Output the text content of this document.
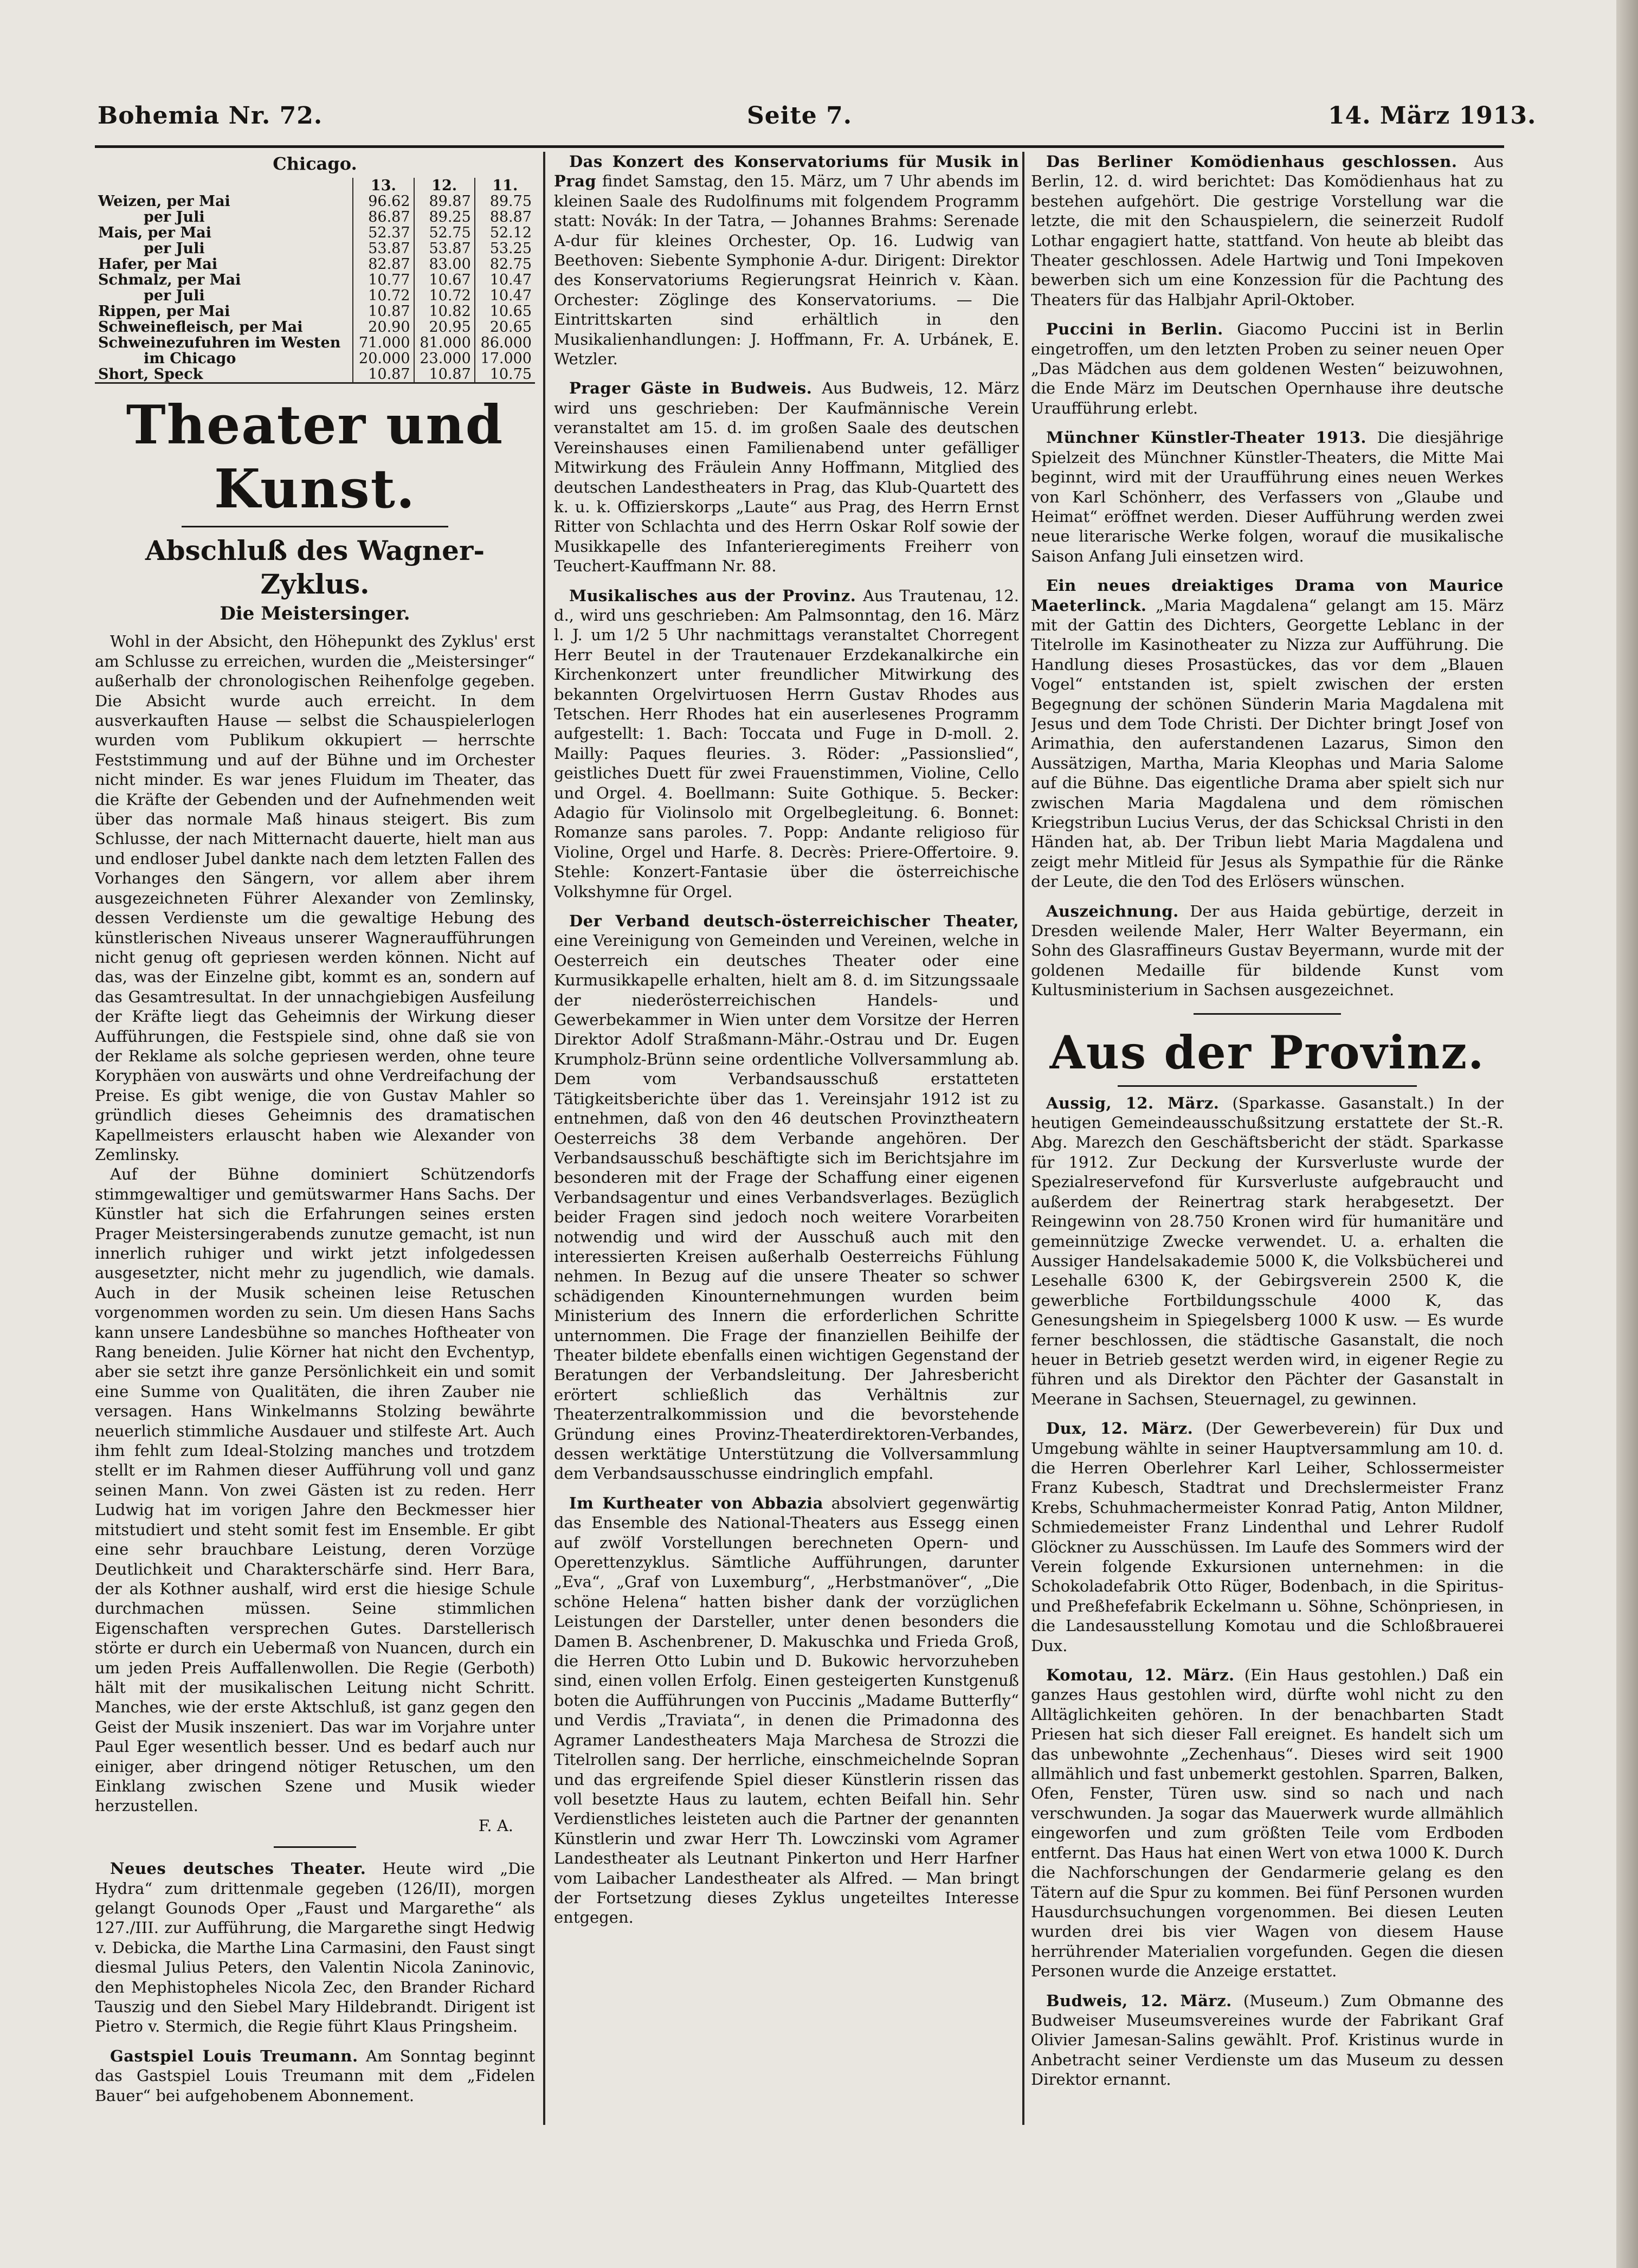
Bohemia Nr. 72.	Seite 7.	14. März 1913.
Chicago.
	13.	12.	11.
Weizen, per Mai	96.62	89.87	89.75
per Juli	86.87	89.25	88.87
Mais, per Mai	52.37	52.75	52.12
per Juli	53.87	53.87	53.25
Hafer, per Mai	82.87	83.00	82.75
Schmalz, per Mai	10.77	10.67	10.47
per Juli	10.72	10.72	10.47
Rippen, per Mai	10.87	10.82	10.65
Schweinefleisch, per Mai	20.90	20.95	20.65
Schweinezufuhren im Westen	71.000	81.000	86.000
im Chicago	20.000	23.000	17.000
Short, Speck	10.87	10.87	10.75
Theater und Kunst.
Abschluß des Wagner-Zyklus.
Die Meistersinger.

Wohl in der Absicht, den Höhepunkt des Zyklus' erst am Schlusse zu erreichen, wurden die „Meistersinger“ außerhalb der chronologischen Reihenfolge gegeben. Die Absicht wurde auch erreicht. In dem ausverkauften Hause — selbst die Schauspielerlogen wurden vom Publikum okkupiert — herrschte Feststimmung und auf der Bühne und im Orchester nicht minder. Es war jenes Fluidum im Theater, das die Kräfte der Gebenden und der Aufnehmenden weit über das normale Maß hinaus steigert. Bis zum Schlusse, der nach Mitternacht dauerte, hielt man aus und endloser Jubel dankte nach dem letzten Fallen des Vorhanges den Sängern, vor allem aber ihrem ausgezeichneten Führer Alexander von Zemlinsky, dessen Verdienste um die gewaltige Hebung des künstlerischen Niveaus unserer Wagneraufführungen nicht genug oft gepriesen werden können. Nicht auf das, was der Einzelne gibt, kommt es an, sondern auf das Gesamtresultat. In der unnachgiebigen Ausfeilung der Kräfte liegt das Geheimnis der Wirkung dieser Aufführungen, die Festspiele sind, ohne daß sie von der Reklame als solche gepriesen werden, ohne teure Koryphäen von auswärts und ohne Verdreifachung der Preise. Es gibt wenige, die von Gustav Mahler so gründlich dieses Geheimnis des dramatischen Kapellmeisters erlauscht haben wie Alexander von Zemlinsky.

Auf der Bühne dominiert Schützendorfs stimmgewaltiger und gemütswarmer Hans Sachs. Der Künstler hat sich die Erfahrungen seines ersten Prager Meistersingerabends zunutze gemacht, ist nun innerlich ruhiger und wirkt jetzt infolgedessen ausgesetzter, nicht mehr zu jugendlich, wie damals. Auch in der Musik scheinen leise Retuschen vorgenommen worden zu sein. Um diesen Hans Sachs kann unsere Landesbühne so manches Hoftheater von Rang beneiden. Julie Körner hat nicht den Evchentyp, aber sie setzt ihre ganze Persönlichkeit ein und somit eine Summe von Qualitäten, die ihren Zauber nie versagen. Hans Winkelmanns Stolzing bewährte neuerlich stimmliche Ausdauer und stilfeste Art. Auch ihm fehlt zum Ideal-Stolzing manches und trotzdem stellt er im Rahmen dieser Aufführung voll und ganz seinen Mann. Von zwei Gästen ist zu reden. Herr Ludwig hat im vorigen Jahre den Beckmesser hier mitstudiert und steht somit fest im Ensemble. Er gibt eine sehr brauchbare Leistung, deren Vorzüge Deutlichkeit und Charakterschärfe sind. Herr Bara, der als Kothner aushalf, wird erst die hiesige Schule durchmachen müssen. Seine stimmlichen Eigenschaften versprechen Gutes. Darstellerisch störte er durch ein Uebermaß von Nuancen, durch ein um jeden Preis Auffallenwollen. Die Regie (Gerboth) hält mit der musikalischen Leitung nicht Schritt. Manches, wie der erste Aktschluß, ist ganz gegen den Geist der Musik inszeniert. Das war im Vorjahre unter Paul Eger wesentlich besser. Und es bedarf auch nur einiger, aber dringend nötiger Retuschen, um den Einklang zwischen Szene und Musik wieder herzustellen.

F. A.

Neues deutsches Theater. Heute wird „Die Hydra“ zum drittenmale gegeben (126/II), morgen gelangt Gounods Oper „Faust und Margarethe“ als 127./III. zur Aufführung, die Margarethe singt Hedwig v. Debicka, die Marthe Lina Carmasini, den Faust singt diesmal Julius Peters, den Valentin Nicola Zaninovic, den Mephistopheles Nicola Zec, den Brander Richard Tauszig und den Siebel Mary Hildebrandt. Dirigent ist Pietro v. Stermich, die Regie führt Klaus Pringsheim.

Gastspiel Louis Treumann. Am Sonntag beginnt das Gastspiel Louis Treumann mit dem „Fidelen Bauer“ bei aufgehobenem Abonnement.

Das Konzert des Konservatoriums für Musik in Prag findet Samstag, den 15. März, um 7 Uhr abends im kleinen Saale des Rudolfinums mit folgendem Programm statt: Novák: In der Tatra, — Johannes Brahms: Serenade A-dur für kleines Orchester, Op. 16. Ludwig van Beethoven: Siebente Symphonie A-dur. Dirigent: Direktor des Konservatoriums Regierungsrat Heinrich v. Kàan. Orchester: Zöglinge des Konservatoriums. — Die Eintrittskarten sind erhältlich in den Musikalienhandlungen: J. Hoffmann, Fr. A. Urbánek, E. Wetzler.

Prager Gäste in Budweis. Aus Budweis, 12. März wird uns geschrieben: Der Kaufmännische Verein veranstaltet am 15. d. im großen Saale des deutschen Vereinshauses einen Familienabend unter gefälliger Mitwirkung des Fräulein Anny Hoffmann, Mitglied des deutschen Landestheaters in Prag, das Klub-Quartett des k. u. k. Offizierskorps „Laute“ aus Prag, des Herrn Ernst Ritter von Schlachta und des Herrn Oskar Rolf sowie der Musikkapelle des Infanterieregiments Freiherr von Teuchert-Kauffmann Nr. 88.

Musikalisches aus der Provinz. Aus Trautenau, 12. d., wird uns geschrieben: Am Palmsonntag, den 16. März l. J. um 1/2 5 Uhr nachmittags veranstaltet Chorregent Herr Beutel in der Trautenauer Erzdekanalkirche ein Kirchenkonzert unter freundlicher Mitwirkung des bekannten Orgelvirtuosen Herrn Gustav Rhodes aus Tetschen. Herr Rhodes hat ein auserlesenes Programm aufgestellt: 1. Bach: Toccata und Fuge in D-moll. 2. Mailly: Paques fleuries. 3. Röder: „Passionslied“, geistliches Duett für zwei Frauenstimmen, Violine, Cello und Orgel. 4. Boellmann: Suite Gothique. 5. Becker: Adagio für Violinsolo mit Orgelbegleitung. 6. Bonnet: Romanze sans paroles. 7. Popp: Andante religioso für Violine, Orgel und Harfe. 8. Decrès: Priere-Offertoire. 9. Stehle: Konzert-Fantasie über die österreichische Volkshymne für Orgel.

Der Verband deutsch-österreichischer Theater, eine Vereinigung von Gemeinden und Vereinen, welche in Oesterreich ein deutsches Theater oder eine Kurmusikkapelle erhalten, hielt am 8. d. im Sitzungssaale der niederösterreichischen Handels- und Gewerbekammer in Wien unter dem Vorsitze der Herren Direktor Adolf Straßmann-Mähr.-Ostrau und Dr. Eugen Krumpholz-Brünn seine ordentliche Vollversammlung ab. Dem vom Verbandsausschuß erstatteten Tätigkeitsberichte über das 1. Vereinsjahr 1912 ist zu entnehmen, daß von den 46 deutschen Provinztheatern Oesterreichs 38 dem Verbande angehören. Der Verbandsausschuß beschäftigte sich im Berichtsjahre im besonderen mit der Frage der Schaffung einer eigenen Verbandsagentur und eines Verbandsverlages. Bezüglich beider Fragen sind jedoch noch weitere Vorarbeiten notwendig und wird der Ausschuß auch mit den interessierten Kreisen außerhalb Oesterreichs Fühlung nehmen. In Bezug auf die unsere Theater so schwer schädigenden Kinounternehmungen wurden beim Ministerium des Innern die erforderlichen Schritte unternommen. Die Frage der finanziellen Beihilfe der Theater bildete ebenfalls einen wichtigen Gegenstand der Beratungen der Verbandsleitung. Der Jahresbericht erörtert schließlich das Verhältnis zur Theaterzentralkommission und die bevorstehende Gründung eines Provinz-Theaterdirektoren-Verbandes, dessen werktätige Unterstützung die Vollversammlung dem Verbandsausschusse eindringlich empfahl.

Im Kurtheater von Abbazia absolviert gegenwärtig das Ensemble des National-Theaters aus Essegg einen auf zwölf Vorstellungen berechneten Opern- und Operettenzyklus. Sämtliche Aufführungen, darunter „Eva“, „Graf von Luxemburg“, „Herbstmanöver“, „Die schöne Helena“ hatten bisher dank der vorzüglichen Leistungen der Darsteller, unter denen besonders die Damen B. Aschenbrener, D. Makuschka und Frieda Groß, die Herren Otto Lubin und D. Bukowic hervorzuheben sind, einen vollen Erfolg. Einen gesteigerten Kunstgenuß boten die Aufführungen von Puccinis „Madame Butterfly“ und Verdis „Traviata“, in denen die Primadonna des Agramer Landestheaters Maja Marchesa de Strozzi die Titelrollen sang. Der herrliche, einschmeichelnde Sopran und das ergreifende Spiel dieser Künstlerin rissen das voll besetzte Haus zu lautem, echten Beifall hin. Sehr Verdienstliches leisteten auch die Partner der genannten Künstlerin und zwar Herr Th. Lowczinski vom Agramer Landestheater als Leutnant Pinkerton und Herr Harfner vom Laibacher Landestheater als Alfred. — Man bringt der Fortsetzung dieses Zyklus ungeteiltes Interesse entgegen.

Das Berliner Komödienhaus geschlossen. Aus Berlin, 12. d. wird berichtet: Das Komödienhaus hat zu bestehen aufgehört. Die gestrige Vorstellung war die letzte, die mit den Schauspielern, die seinerzeit Rudolf Lothar engagiert hatte, stattfand. Von heute ab bleibt das Theater geschlossen. Adele Hartwig und Toni Impekoven bewerben sich um eine Konzession für die Pachtung des Theaters für das Halbjahr April-Oktober.

Puccini in Berlin. Giacomo Puccini ist in Berlin eingetroffen, um den letzten Proben zu seiner neuen Oper „Das Mädchen aus dem goldenen Westen“ beizuwohnen, die Ende März im Deutschen Opernhause ihre deutsche Uraufführung erlebt.

Münchner Künstler-Theater 1913. Die diesjährige Spielzeit des Münchner Künstler-Theaters, die Mitte Mai beginnt, wird mit der Uraufführung eines neuen Werkes von Karl Schönherr, des Verfassers von „Glaube und Heimat“ eröffnet werden. Dieser Aufführung werden zwei neue literarische Werke folgen, worauf die musikalische Saison Anfang Juli einsetzen wird.

Ein neues dreiaktiges Drama von Maurice Maeterlinck. „Maria Magdalena“ gelangt am 15. März mit der Gattin des Dichters, Georgette Leblanc in der Titelrolle im Kasinotheater zu Nizza zur Aufführung. Die Handlung dieses Prosastückes, das vor dem „Blauen Vogel“ entstanden ist, spielt zwischen der ersten Begegnung der schönen Sünderin Maria Magdalena mit Jesus und dem Tode Christi. Der Dichter bringt Josef von Arimathia, den auferstandenen Lazarus, Simon den Aussätzigen, Martha, Maria Kleophas und Maria Salome auf die Bühne. Das eigentliche Drama aber spielt sich nur zwischen Maria Magdalena und dem römischen Kriegstribun Lucius Verus, der das Schicksal Christi in den Händen hat, ab. Der Tribun liebt Maria Magdalena und zeigt mehr Mitleid für Jesus als Sympathie für die Ränke der Leute, die den Tod des Erlösers wünschen.

Auszeichnung. Der aus Haida gebürtige, derzeit in Dresden weilende Maler, Herr Walter Beyermann, ein Sohn des Glasraffineurs Gustav Beyermann, wurde mit der goldenen Medaille für bildende Kunst vom Kultusministerium in Sachsen ausgezeichnet.

Aus der Provinz.

Aussig, 12. März. (Sparkasse. Gasanstalt.) In der heutigen Gemeindeausschußsitzung erstattete der St.-R. Abg. Marezch den Geschäftsbericht der städt. Sparkasse für 1912. Zur Deckung der Kursverluste wurde der Spezialreservefond für Kursverluste aufgebraucht und außerdem der Reinertrag stark herabgesetzt. Der Reingewinn von 28.750 Kronen wird für humanitäre und gemeinnützige Zwecke verwendet. U. a. erhalten die Aussiger Handelsakademie 5000 K, die Volksbücherei und Lesehalle 6300 K, der Gebirgsverein 2500 K, die gewerbliche Fortbildungsschule 4000 K, das Genesungsheim in Spiegelsberg 1000 K usw. — Es wurde ferner beschlossen, die städtische Gasanstalt, die noch heuer in Betrieb gesetzt werden wird, in eigener Regie zu führen und als Direktor den Pächter der Gasanstalt in Meerane in Sachsen, Steuernagel, zu gewinnen.

Dux, 12. März. (Der Gewerbeverein) für Dux und Umgebung wählte in seiner Hauptversammlung am 10. d. die Herren Oberlehrer Karl Leiher, Schlossermeister Franz Kubesch, Stadtrat und Drechslermeister Franz Krebs, Schuhmachermeister Konrad Patig, Anton Mildner, Schmiedemeister Franz Lindenthal und Lehrer Rudolf Glöckner zu Ausschüssen. Im Laufe des Sommers wird der Verein folgende Exkursionen unternehmen: in die Schokoladefabrik Otto Rüger, Bodenbach, in die Spiritus- und Preßhefefabrik Eckelmann u. Söhne, Schönpriesen, in die Landesausstellung Komotau und die Schloßbrauerei Dux.

Komotau, 12. März. (Ein Haus gestohlen.) Daß ein ganzes Haus gestohlen wird, dürfte wohl nicht zu den Alltäglichkeiten gehören. In der benachbarten Stadt Priesen hat sich dieser Fall ereignet. Es handelt sich um das unbewohnte „Zechenhaus“. Dieses wird seit 1900 allmählich und fast unbemerkt gestohlen. Sparren, Balken, Ofen, Fenster, Türen usw. sind so nach und nach verschwunden. Ja sogar das Mauerwerk wurde allmählich eingeworfen und zum größten Teile vom Erdboden entfernt. Das Haus hat einen Wert von etwa 1000 K. Durch die Nachforschungen der Gendarmerie gelang es den Tätern auf die Spur zu kommen. Bei fünf Personen wurden Hausdurchsuchungen vorgenommen. Bei diesen Leuten wurden drei bis vier Wagen von diesem Hause herrührender Materialien vorgefunden. Gegen die diesen Personen wurde die Anzeige erstattet.

Budweis, 12. März. (Museum.) Zum Obmanne des Budweiser Museumsvereines wurde der Fabrikant Graf Olivier Jamesan-Salins gewählt. Prof. Kristinus wurde in Anbetracht seiner Verdienste um das Museum zu dessen Direktor ernannt.
